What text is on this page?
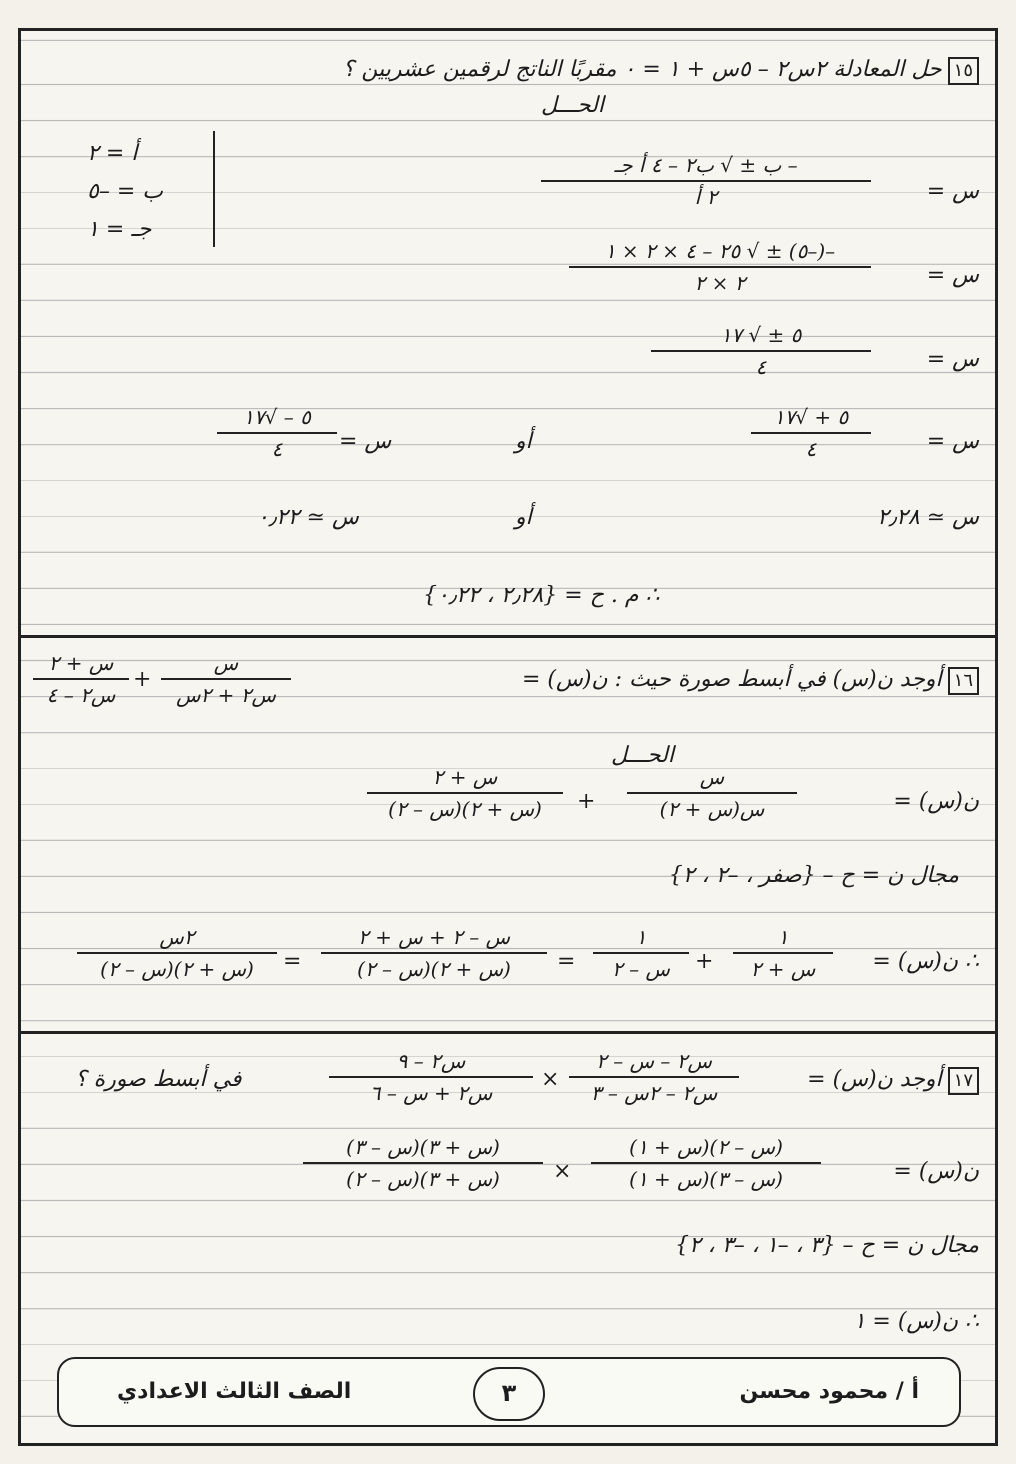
١٥حل المعادلة ٢س٢ – ٥س + ١ = ٠ مقربًا الناتج لرقمين عشريين ؟
الحـــل
أ = ٢
ب = –٥
جـ = ١
س =
– ب ± √ ب٢ – ٤ أ جـ
٢ أ
س =
–(–٥) ± √ ٢٥ – ٤ × ٢ × ١
٢ × ٢
س =
٥ ± √ ١٧
٤
س =
٥ + √١٧
٤
أو
س =
٥ – √١٧
٤
س ≃ ٢٫٢٨
أو
س ≃ ٠٫٢٢
∴ م . ح = {٢٫٢٨ ، ٠٫٢٢}
١٦أوجد ن(س) في أبسط صورة حيث : ن(س) =
س
س٢ + ٢س
+
س + ٢
س٢ – ٤
الحـــل
ن(س) =
س
س(س + ٢)
+
س + ٢
(س + ٢)(س – ٢)
مجال ن = ح – {صفر ، –٢ ، ٢}
∴ ن(س) =
١
س + ٢
+
١
س – ٢
=
س – ٢ + س + ٢
(س + ٢)(س – ٢)
=
٢س
(س + ٢)(س – ٢)
١٧أوجد ن(س) =
س٢ – س – ٢
س٢ – ٢س – ٣
×
س٢ – ٩
س٢ + س – ٦
في أبسط صورة ؟
ن(س) =
(س – ٢)(س + ١)
(س – ٣)(س + ١)
×
(س + ٣)(س – ٣)
(س + ٣)(س – ٢)
مجال ن = ح – {٣ ، –١ ، –٣ ، ٢}
∴ ن(س) = ١
الصف الثالث الاعدادي	٣	أ / محمود محسن
